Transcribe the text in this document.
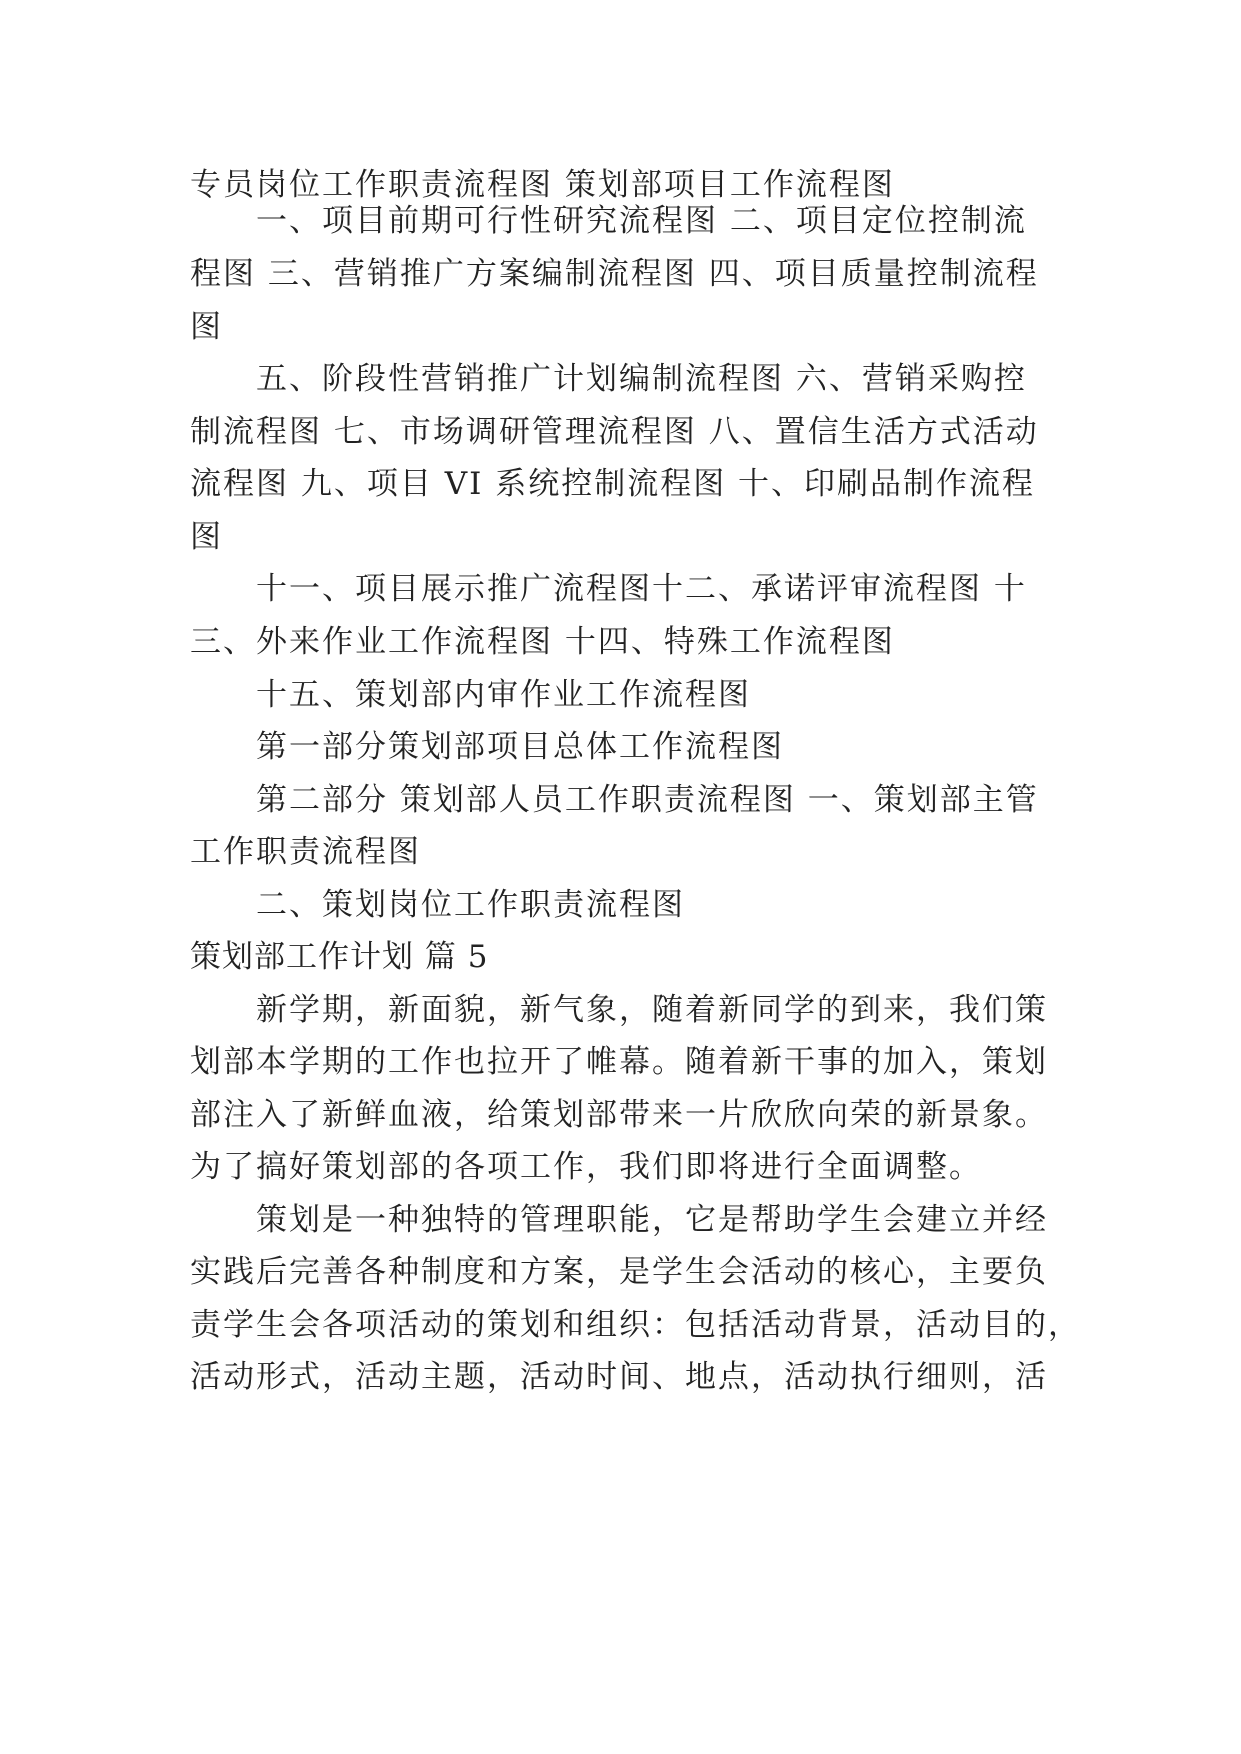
专员岗位工作职责流程图 策划部项目工作流程图
一、项目前期可行性研究流程图 二、项目定位控制流
程图 三、营销推广方案编制流程图 四、项目质量控制流程
图
五、阶段性营销推广计划编制流程图 六、营销采购控
制流程图 七、市场调研管理流程图 八、置信生活方式活动
流程图 九、项目 VI 系统控制流程图 十、印刷品制作流程
图
十一、项目展示推广流程图十二、承诺评审流程图 十
三、外来作业工作流程图 十四、特殊工作流程图
十五、策划部内审作业工作流程图
第一部分策划部项目总体工作流程图
第二部分 策划部人员工作职责流程图 一、策划部主管
工作职责流程图
二、策划岗位工作职责流程图
策划部工作计划 篇 5
新学期，新面貌，新气象，随着新同学的到来，我们策
划部本学期的工作也拉开了帷幕。随着新干事的加入，策划
部注入了新鲜血液，给策划部带来一片欣欣向荣的新景象。
为了搞好策划部的各项工作，我们即将进行全面调整。
策划是一种独特的管理职能，它是帮助学生会建立并经
实践后完善各种制度和方案，是学生会活动的核心，主要负
责学生会各项活动的策划和组织：包括活动背景，活动目的，
活动形式，活动主题，活动时间、地点，活动执行细则，活
